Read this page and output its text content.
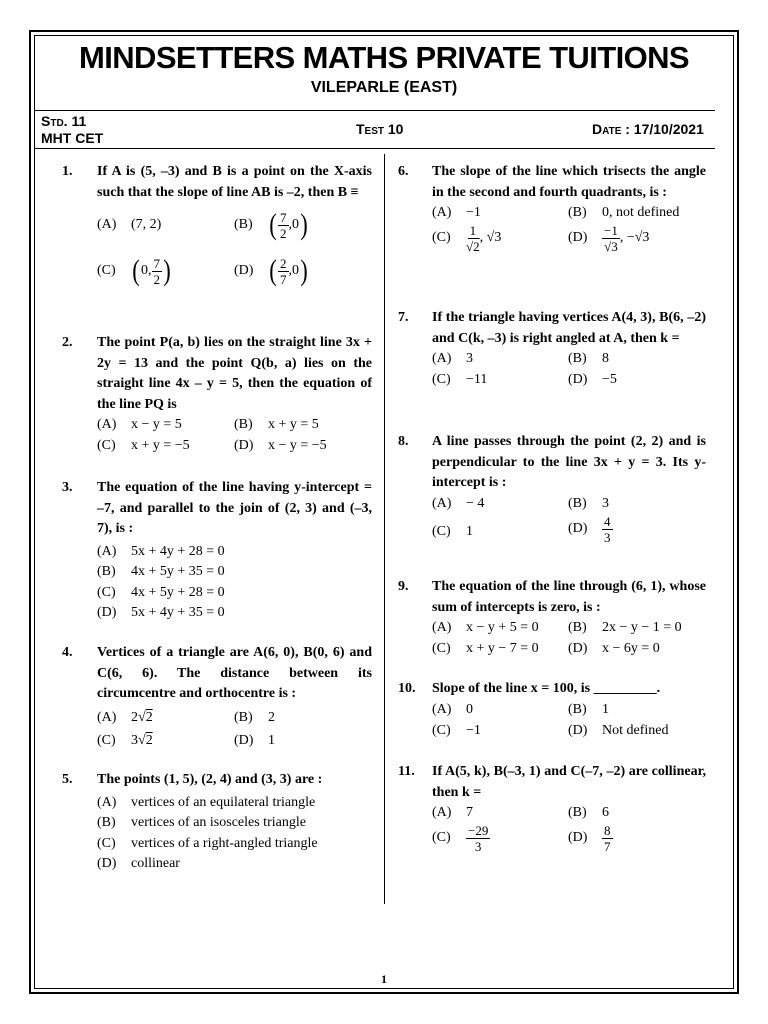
MINDSETTERS MATHS PRIVATE TUITIONS
VILEPARLE (EAST)
Std. 11
MHT CET
Test 10	Date : 17/10/2021
1.	If A is (5, –3) and B is a point on the X-axis such that the slope of line AB is –2, then B ≡
(A)	(7, 2)	(B) ( $\frac{7}{2} ,0$ )
(C) ( 0, $\frac{7}{2}$ )	(D) ( $\frac{2}{7} ,0$ )
2.	The point P(a, b) lies on the straight line 3x + 2y = 13 and the point Q(b, a) lies on the straight line 4x – y = 5, then the equation of the line PQ is
(A)	x − y = 5	(B)	x + y = 5
(C)	x + y = −5	(D)	x − y = −5
3.	The equation of the line having y-intercept = –7, and parallel to the join of (2, 3) and (–3, 7), is :
(A)	5x + 4y + 28 = 0
(B)	4x + 5y + 35 = 0
(C)	4x + 5y + 28 = 0
(D)	5x + 4y + 35 = 0
4.	Vertices of a triangle are A(6, 0), B(0, 6) and C(6, 6). The distance between its circumcentre and orthocentre is :
(A)	2 √ 2	(B)	2
(C)	3 √ 2	(D)	1
5.	The points (1, 5), (2, 4) and (3, 3) are :
(A)	vertices of an equilateral triangle
(B)	vertices of an isosceles triangle
(C)	vertices of a right-angled triangle
(D)	collinear
6.	The slope of the line which trisects the angle in the second and fourth quadrants, is :
(A)	−1	(B)	0, not defined
(C)	$\frac{1}{√2}$ , √3	(D)	$\frac{-1}{√3}$ , −√3
7.	If the triangle having vertices A(4, 3), B(6, –2) and C(k, –3) is right angled at A, then k =
(A)	3	(B)	8
(C)	−11	(D)	−5
8.	A line passes through the point (2, 2) and is perpendicular to the line 3x + y = 3. Its y-intercept is :
(A)	− 4	(B)	3
(C)	1	(D)	$\frac{4}{3}$
9.	The equation of the line through (6, 1), whose sum of intercepts is zero, is :
(A)	x − y + 5 = 0 (B)	2x − y − 1 = 0
(C)	x + y − 7 = 0 (D)	x − 6y = 0
10.	Slope of the line x = 100, is _________.
(A)	0	(B)	1
(C)	−1	(D)	Not defined
11.	If A(5, k), B(–3, 1) and C(–7, –2) are collinear, then k =
(A)	7	(B)	6
(C)	$\frac{-29}{3}$	(D)	$\frac{8}{7}$
1
